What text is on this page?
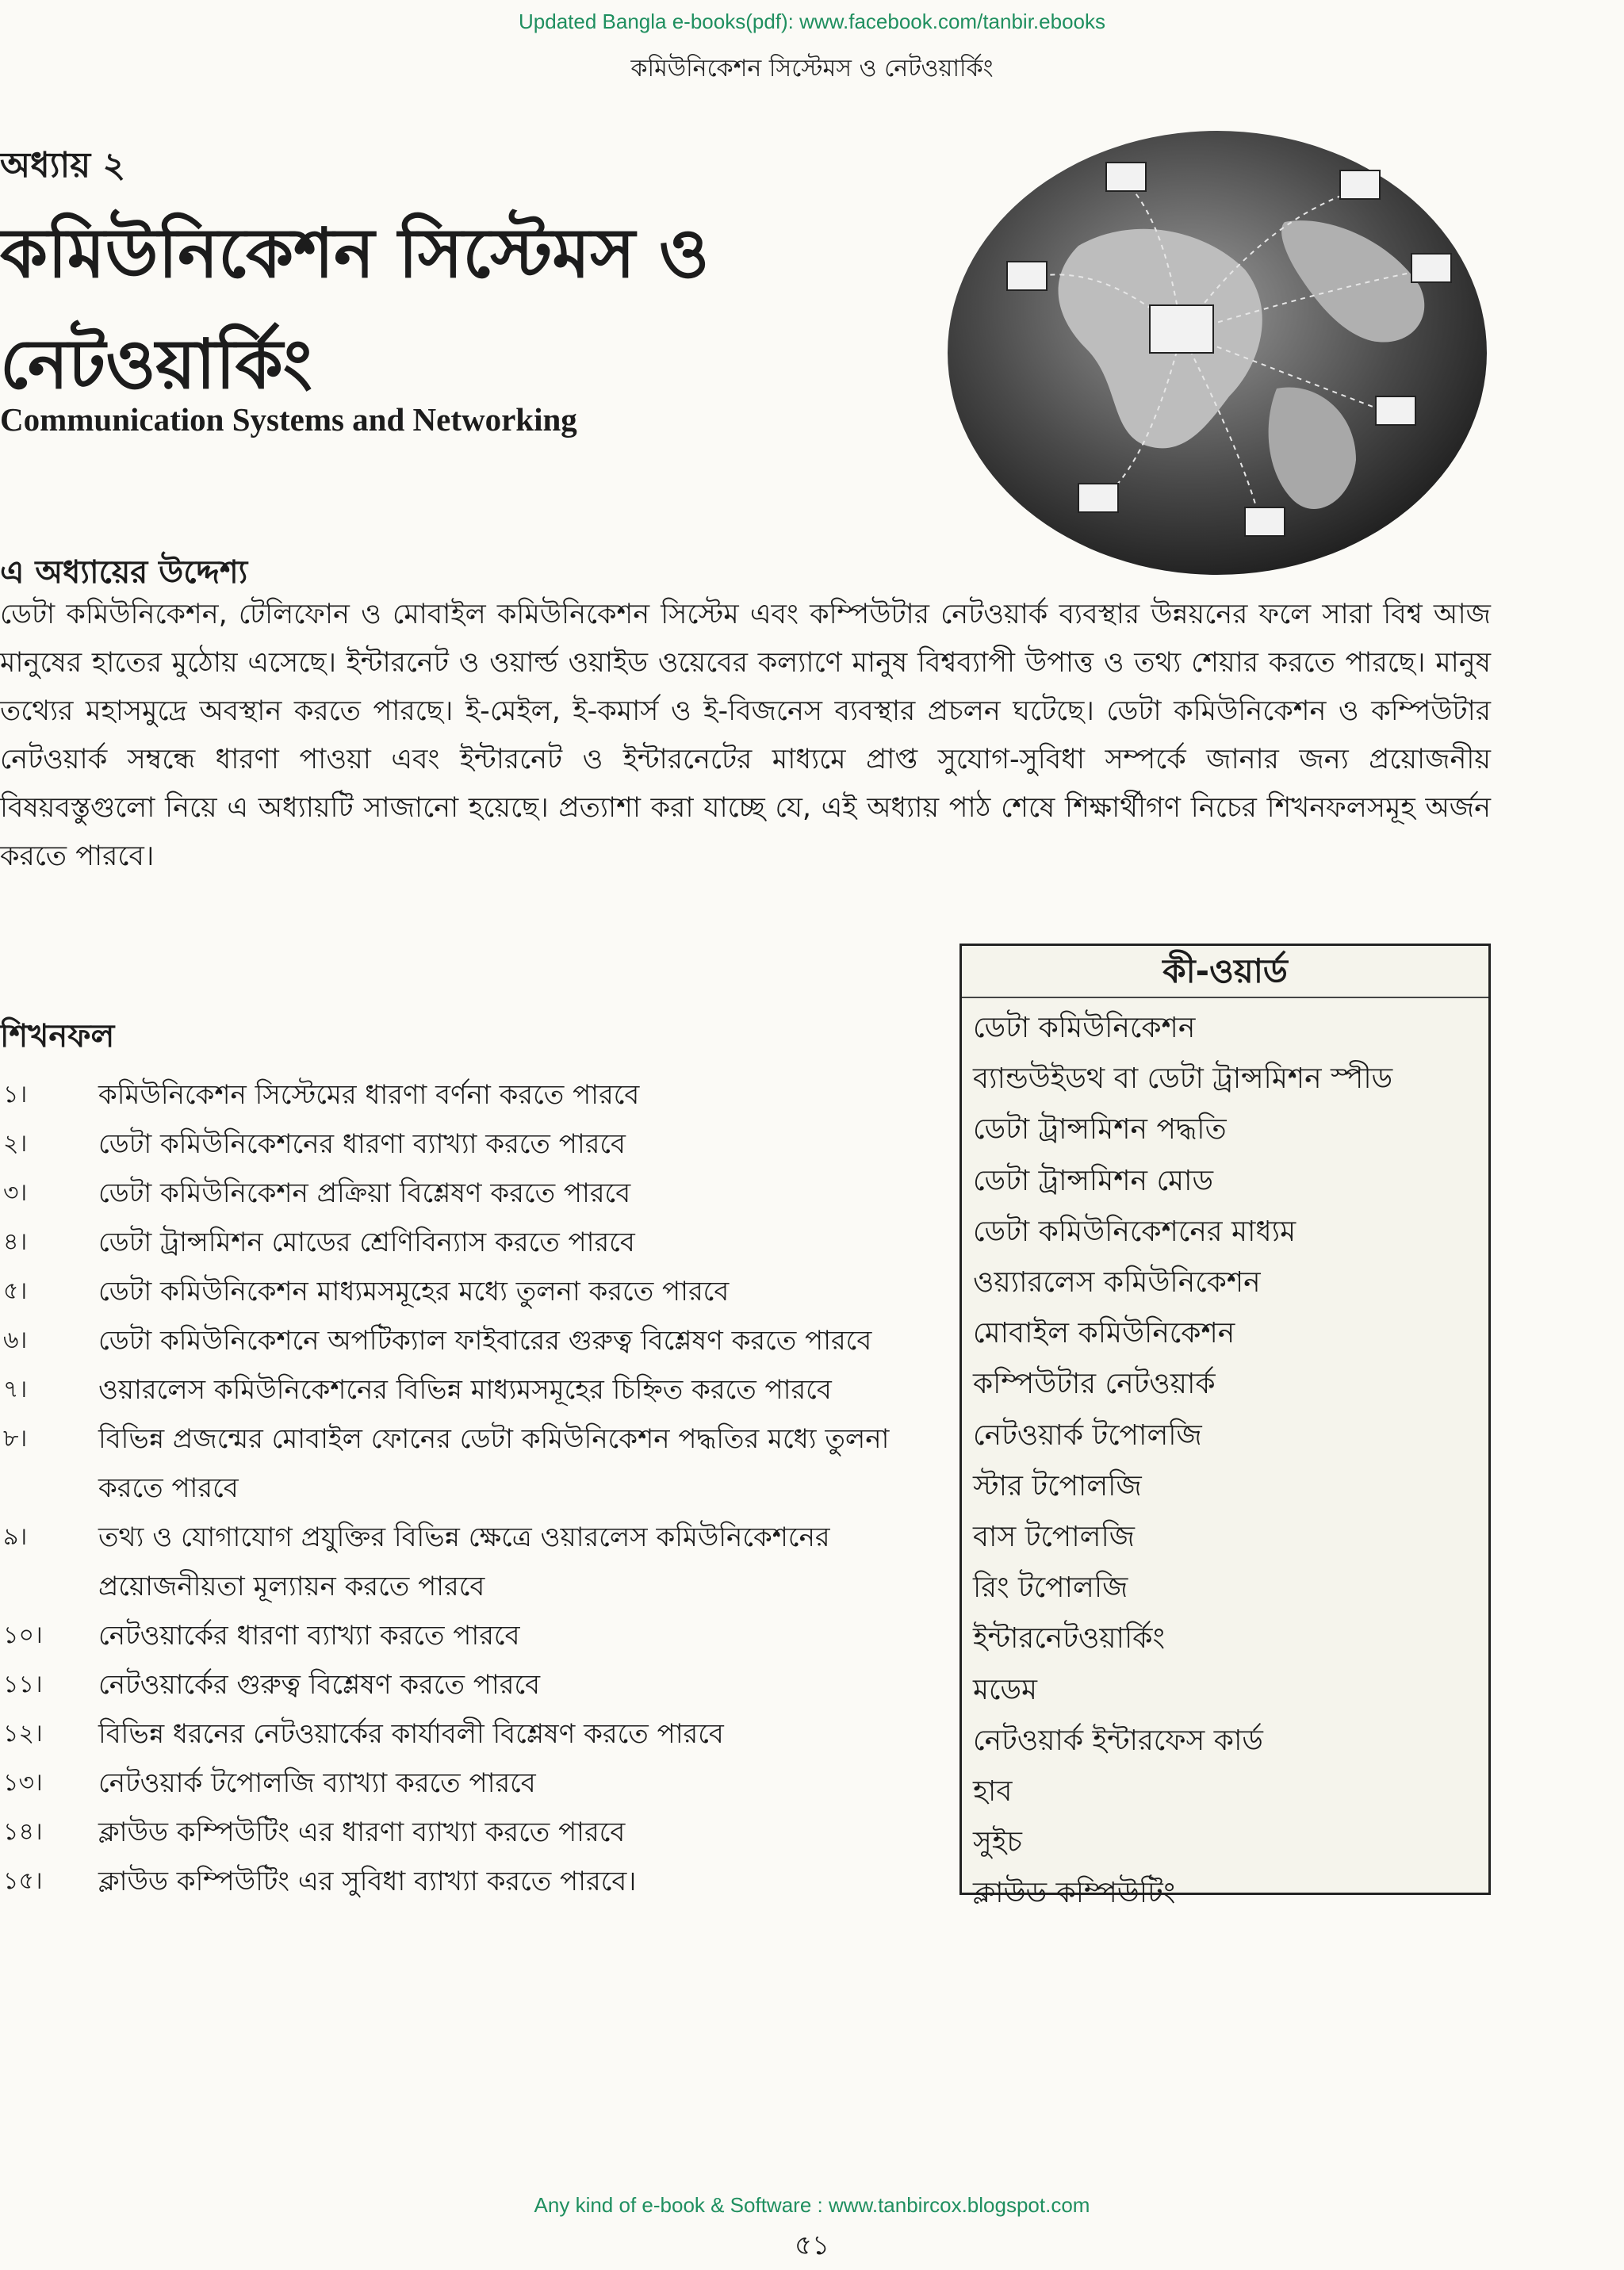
Updated Bangla e-books(pdf): www.facebook.com/tanbir.ebooks
কমিউনিকেশন সিস্টেমস ও নেটওয়ার্কিং
অধ্যায় ২
কমিউনিকেশন সিস্টেমস ও নেটওয়ার্কিং
Communication Systems and Networking
এ অধ্যায়ের উদ্দেশ্য

ডেটা কমিউনিকেশন, টেলিফোন ও মোবাইল কমিউনিকেশন সিস্টেম এবং কম্পিউটার নেটওয়ার্ক ব্যবস্থার উন্নয়নের ফলে সারা বিশ্ব আজ মানুষের হাতের মুঠোয় এসেছে। ইন্টারনেট ও ওয়ার্ল্ড ওয়াইড ওয়েবের কল্যাণে মানুষ বিশ্বব্যাপী উপাত্ত ও তথ্য শেয়ার করতে পারছে। মানুষ তথ্যের মহাসমুদ্রে অবস্থান করতে পারছে। ই-মেইল, ই-কমার্স ও ই-বিজনেস ব্যবস্থার প্রচলন ঘটেছে। ডেটা কমিউনিকেশন ও কম্পিউটার নেটওয়ার্ক সম্বন্ধে ধারণা পাওয়া এবং ইন্টারনেট ও ইন্টারনেটের মাধ্যমে প্রাপ্ত সুযোগ-সুবিধা সম্পর্কে জানার জন্য প্রয়োজনীয় বিষয়বস্তুগুলো নিয়ে এ অধ্যায়টি সাজানো হয়েছে। প্রত্যাশা করা যাচ্ছে যে, এই অধ্যায় পাঠ শেষে শিক্ষার্থীগণ নিচের শিখনফলসমূহ অর্জন করতে পারবে।

শিখনফল
১।	কমিউনিকেশন সিস্টেমের ধারণা বর্ণনা করতে পারবে
২।	ডেটা কমিউনিকেশনের ধারণা ব্যাখ্যা করতে পারবে
৩।	ডেটা কমিউনিকেশন প্রক্রিয়া বিশ্লেষণ করতে পারবে
৪।	ডেটা ট্রান্সমিশন মোডের শ্রেণিবিন্যাস করতে পারবে
৫।	ডেটা কমিউনিকেশন মাধ্যমসমূহের মধ্যে তুলনা করতে পারবে
৬।	ডেটা কমিউনিকেশনে অপটিক্যাল ফাইবারের গুরুত্ব বিশ্লেষণ করতে পারবে
৭।	ওয়ারলেস কমিউনিকেশনের বিভিন্ন মাধ্যমসমূহের চিহ্নিত করতে পারবে
৮।	বিভিন্ন প্রজন্মের মোবাইল ফোনের ডেটা কমিউনিকেশন পদ্ধতির মধ্যে তুলনা করতে পারবে
৯।	তথ্য ও যোগাযোগ প্রযুক্তির বিভিন্ন ক্ষেত্রে ওয়ারলেস কমিউনিকেশনের প্রয়োজনীয়তা মূল্যায়ন করতে পারবে
১০।	নেটওয়ার্কের ধারণা ব্যাখ্যা করতে পারবে
১১।	নেটওয়ার্কের গুরুত্ব বিশ্লেষণ করতে পারবে
১২।	বিভিন্ন ধরনের নেটওয়ার্কের কার্যাবলী বিশ্লেষণ করতে পারবে
১৩।	নেটওয়ার্ক টপোলজি ব্যাখ্যা করতে পারবে
১৪।	ক্লাউড কম্পিউটিং এর ধারণা ব্যাখ্যা করতে পারবে
১৫।	ক্লাউড কম্পিউটিং এর সুবিধা ব্যাখ্যা করতে পারবে।
কী-ওয়ার্ড
ডেটা কমিউনিকেশন
ব্যান্ডউইডথ বা ডেটা ট্রান্সমিশন স্পীড
ডেটা ট্রান্সমিশন পদ্ধতি
ডেটা ট্রান্সমিশন মোড
ডেটা কমিউনিকেশনের মাধ্যম
ওয়্যারলেস কমিউনিকেশন
মোবাইল কমিউনিকেশন
কম্পিউটার নেটওয়ার্ক
নেটওয়ার্ক টপোলজি
স্টার টপোলজি
বাস টপোলজি
রিং টপোলজি
ইন্টারনেটওয়ার্কিং
মডেম
নেটওয়ার্ক ইন্টারফেস কার্ড
হাব
সুইচ
ক্লাউড কম্পিউটিং
Any kind of e-book & Software : www.tanbircox.blogspot.com
৫১
